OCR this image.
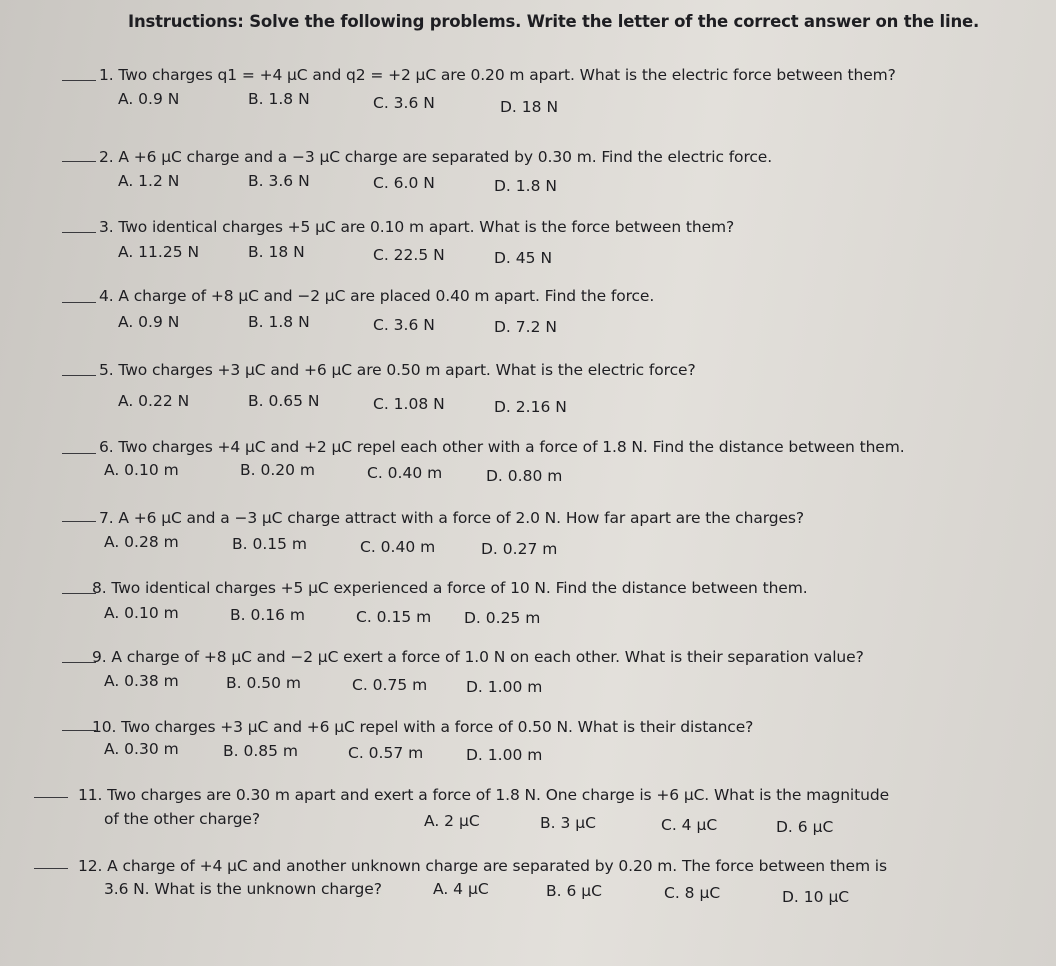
Instructions: Solve the following problems. Write the letter of the correct answer on the line.
1. Two charges q1 = +4 μC and q2 = +2 μC are 0.20 m apart. What is the electric force between them?
A. 0.9 N	B. 1.8 N	C. 3.6 N	D. 18 N
2. A +6 μC charge and a −3 μC charge are separated by 0.30 m. Find the electric force.
A. 1.2 N	B. 3.6 N	C. 6.0 N	D. 1.8 N
3. Two identical charges +5 μC are 0.10 m apart. What is the force between them?
A. 11.25 N	B. 18 N	C. 22.5 N	D. 45 N
4. A charge of +8 μC and −2 μC are placed 0.40 m apart. Find the force.
A. 0.9 N	B. 1.8 N	C. 3.6 N	D. 7.2 N
5. Two charges +3 μC and +6 μC are 0.50 m apart. What is the electric force?
A. 0.22 N	B. 0.65 N	C. 1.08 N	D. 2.16 N
6. Two charges +4 μC and +2 μC repel each other with a force of 1.8 N. Find the distance between them.
A. 0.10 m	B. 0.20 m	C. 0.40 m	D. 0.80 m
7. A +6 μC and a −3 μC charge attract with a force of 2.0 N. How far apart are the charges?
A. 0.28 m	B. 0.15 m	C. 0.40 m	D. 0.27 m
8. Two identical charges +5 μC experienced a force of 10 N. Find the distance between them.
A. 0.10 m	B. 0.16 m	C. 0.15 m D. 0.25 m
9. A charge of +8 μC and −2 μC exert a force of 1.0 N on each other. What is their separation value?
A. 0.38 m	B. 0.50 m	C. 0.75 m	D. 1.00 m
10. Two charges +3 μC and +6 μC repel with a force of 0.50 N. What is their distance?
A. 0.30 m	B. 0.85 m	C. 0.57 m	D. 1.00 m
11. Two charges are 0.30 m apart and exert a force of 1.8 N. One charge is +6 μC. What is the magnitude
of the other charge?	A. 2 μC	B. 3 μC	C. 4 μC	D. 6 μC
12. A charge of +4 μC and another unknown charge are separated by 0.20 m. The force between them is
3.6 N. What is the unknown charge?	A. 4 μC	B. 6 μC	C. 8 μC	D. 10 μC
